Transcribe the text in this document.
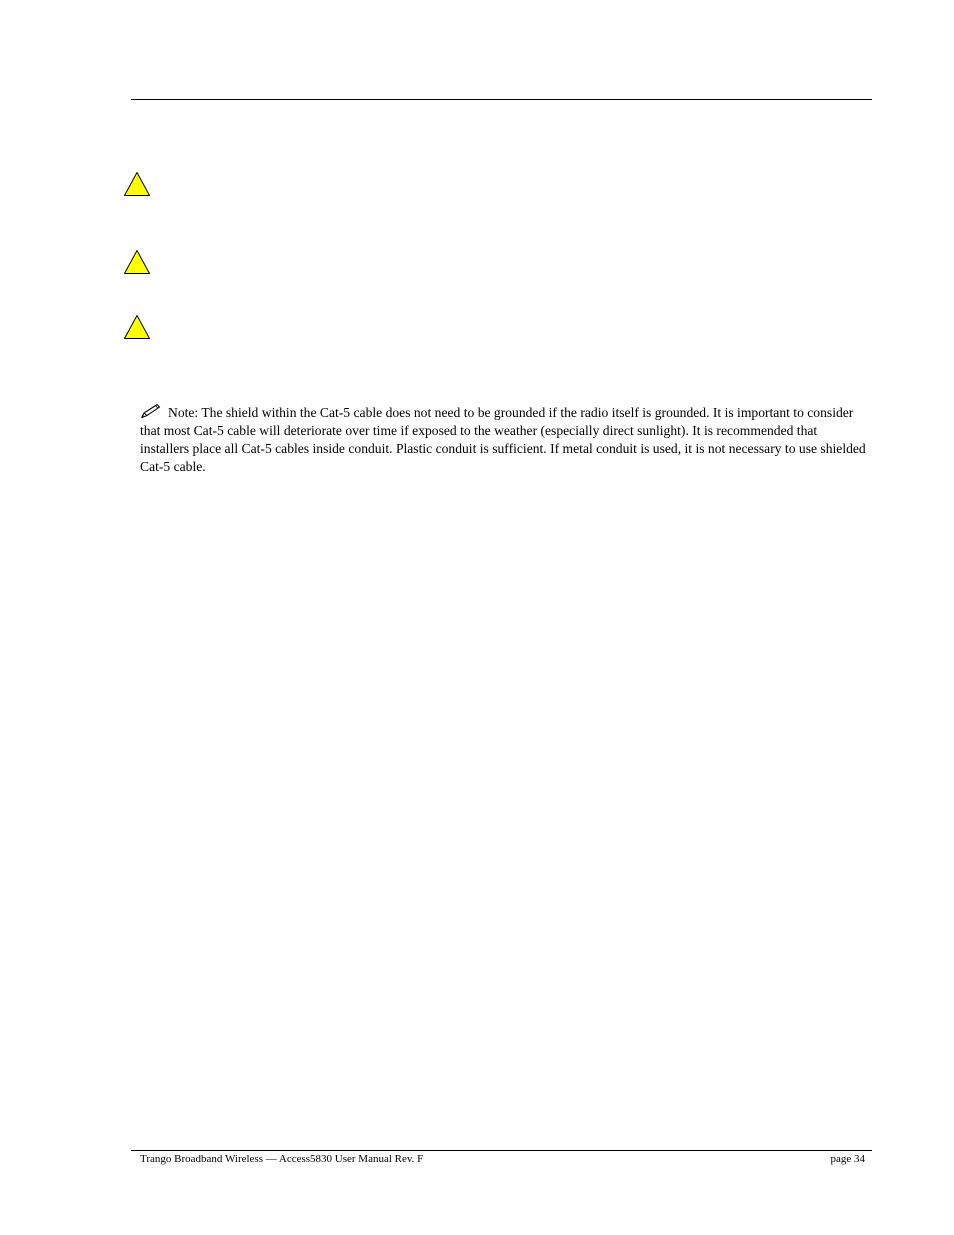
Note: The shield within the Cat-5 cable does not need to be grounded if the radio itself is grounded. It is important to consider that most Cat-5 cable will deteriorate over time if exposed to the weather (especially direct sunlight). It is recommended that installers place all Cat-5 cables inside conduit. Plastic conduit is sufficient. If metal conduit is used, it is not necessary to use shielded Cat-5 cable.
Trango Broadband Wireless — Access5830 User Manual Rev. F	page 34
